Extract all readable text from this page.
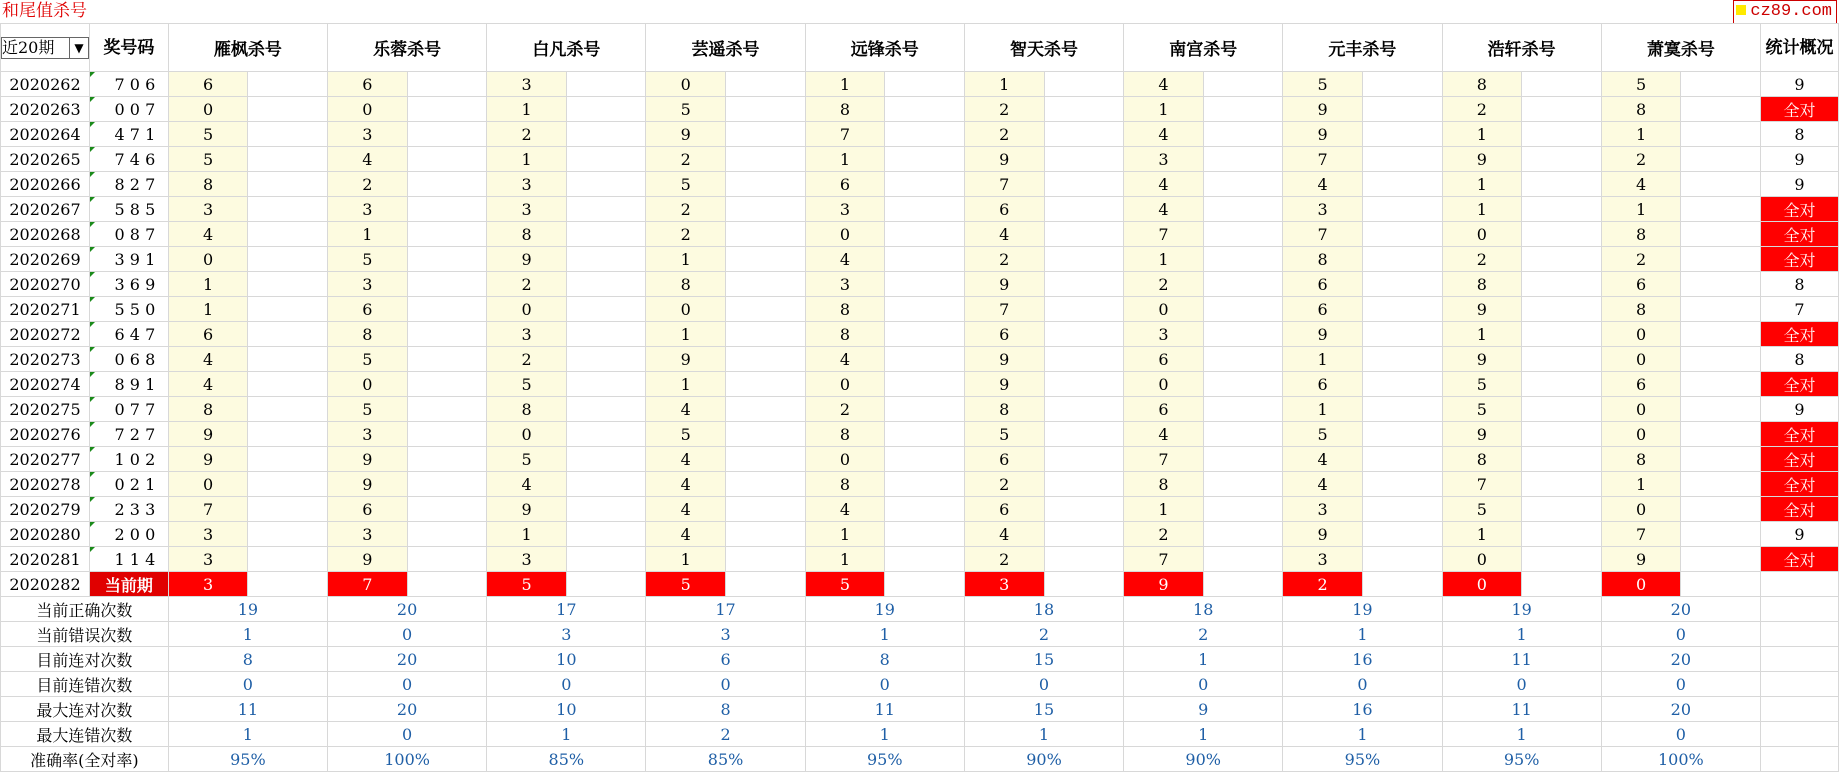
和尾值杀号	cz89.com
近20期 ▼	奖号码	雁枫杀号		乐蓉杀号		白凡杀号		芸遥杀号		远锋杀号		智天杀号		南宫杀号		元丰杀号		浩轩杀号		萧寞杀号		统计概况

2020262	7 0 6	6		6		3		0		1		1		4		5		8		5		9
2020263	0 0 7	0		0		1		5		8		2		1		9		2		8		全对
2020264	4 7 1	5		3		2		9		7		2		4		9		1		1		8
2020265	7 4 6	5		4		1		2		1		9		3		7		9		2		9
2020266	8 2 7	8		2		3		5		6		7		4		4		1		4		9
2020267	5 8 5	3		3		3		2		3		6		4		3		1		1		全对
2020268	0 8 7	4		1		8		2		0		4		7		7		0		8		全对
2020269	3 9 1	0		5		9		1		4		2		1		8		2		2		全对
2020270	3 6 9	1		3		2		8		3		9		2		6		8		6		8
2020271	5 5 0	1		6		0		0		8		7		0		6		9		8		7
2020272	6 4 7	6		8		3		1		8		6		3		9		1		0		全对
2020273	0 6 8	4		5		2		9		4		9		6		1		9		0		8
2020274	8 9 1	4		0		5		1		0		9		0		6		5		6		全对
2020275	0 7 7	8		5		8		4		2		8		6		1		5		0		9
2020276	7 2 7	9		3		0		5		8		5		4		5		9		0		全对
2020277	1 0 2	9		9		5		4		0		6		7		4		8		8		全对
2020278	0 2 1	0		9		4		4		8		2		8		4		7		1		全对
2020279	2 3 3	7		6		9		4		4		6		1		3		5		0		全对
2020280	2 0 0	3		3		1		4		1		4		2		9		1		7		9
2020281	1 1 4	3		9		3		1		1		2		7		3		0		9		全对
2020282	当前期	3		7		5		5		5		3		9		2		0		0		
当前正确次数		19		20		17		17		19		18		18		19		19		20		
当前错误次数		1		0		3		3		1		2		2		1		1		0		
目前连对次数		8		20		10		6		8		15		1		16		11		20		
目前连错次数		0		0		0		0		0		0		0		0		0		0		
最大连对次数		11		20		10		8		11		15		9		16		11		20		
最大连错次数		1		0		1		2		1		1		1		1		1		0		
准确率(全对率)		95%		100%		85%		85%		95%		90%		90%		95%		95%		100%		
